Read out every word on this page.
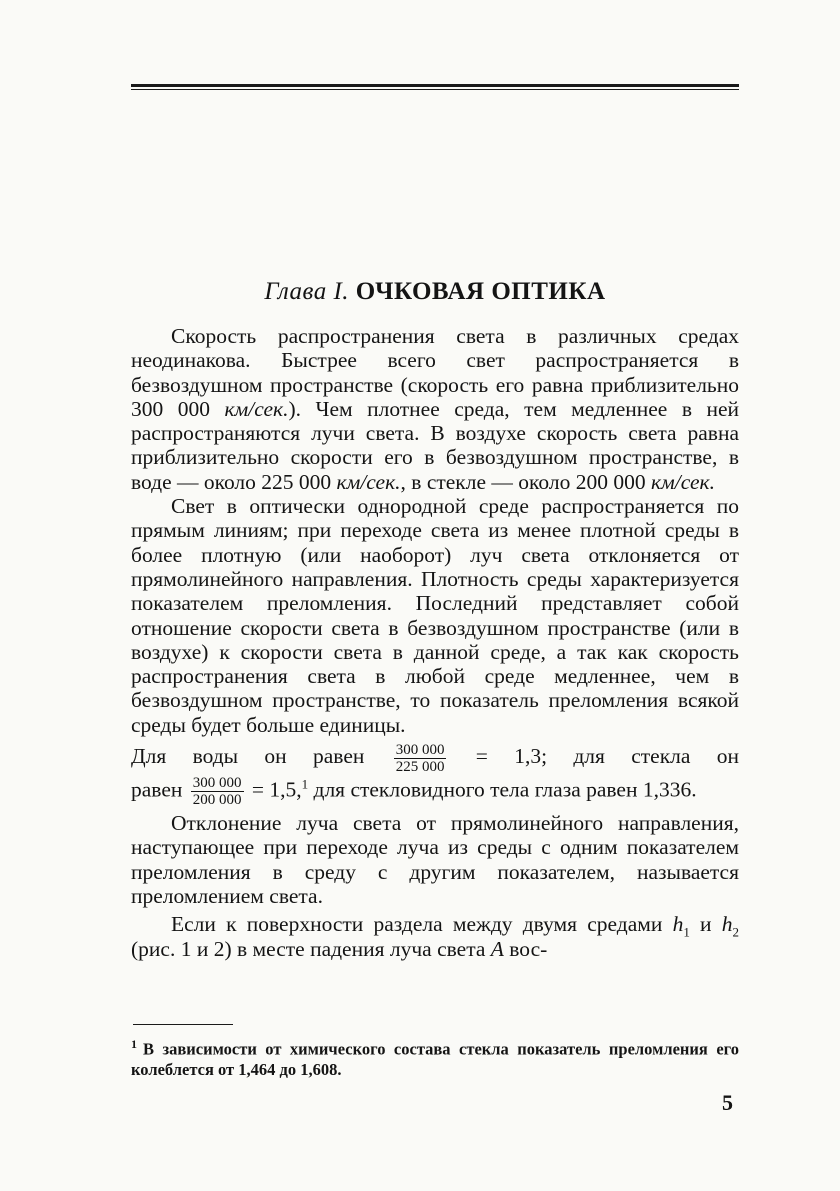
Глава I. ОЧКОВАЯ ОПТИКА

Скорость распространения света в различных средах неодинакова. Быстрее всего свет распространяется в безвоздушном пространстве (скорость его равна приблизительно 300 000 км/сек.). Чем плотнее среда, тем медленнее в ней распространяются лучи света. В воздухе скорость света равна приблизительно скорости его в безвоздушном пространстве, в воде — около 225 000 км/сек., в стекле — около 200 000 км/сек.

Свет в оптически однородной среде распространяется по прямым линиям; при переходе света из менее плотной среды в более плотную (или наоборот) луч света отклоняется от прямолинейного направления. Плотность среды характеризуется показателем преломления. Последний представляет собой отношение скорости света в безвоздушном пространстве (или в воздухе) к скорости света в данной среде, а так как скорость распространения света в любой среде медленнее, чем в безвоздушном пространстве, то показатель преломления всякой среды будет больше единицы.

Для воды он равен $\frac{300 000}{225 000} = 1,3$; для стекла он

равен $\frac{300 000}{200 000} = 1,5,^1$ для стекловидного тела глаза равен 1,336.

Отклонение луча света от прямолинейного направления, наступающее при переходе луча из среды с одним показателем преломления в среду с другим показателем, называется преломлением света.

Если к поверхности раздела между двумя средами $h_1$ и $h_2$ (рис. 1 и 2) в месте падения луча света A вос-

$^1$ В зависимости от химического состава стекла показатель преломления его колеблется от 1,464 до 1,608.
5
